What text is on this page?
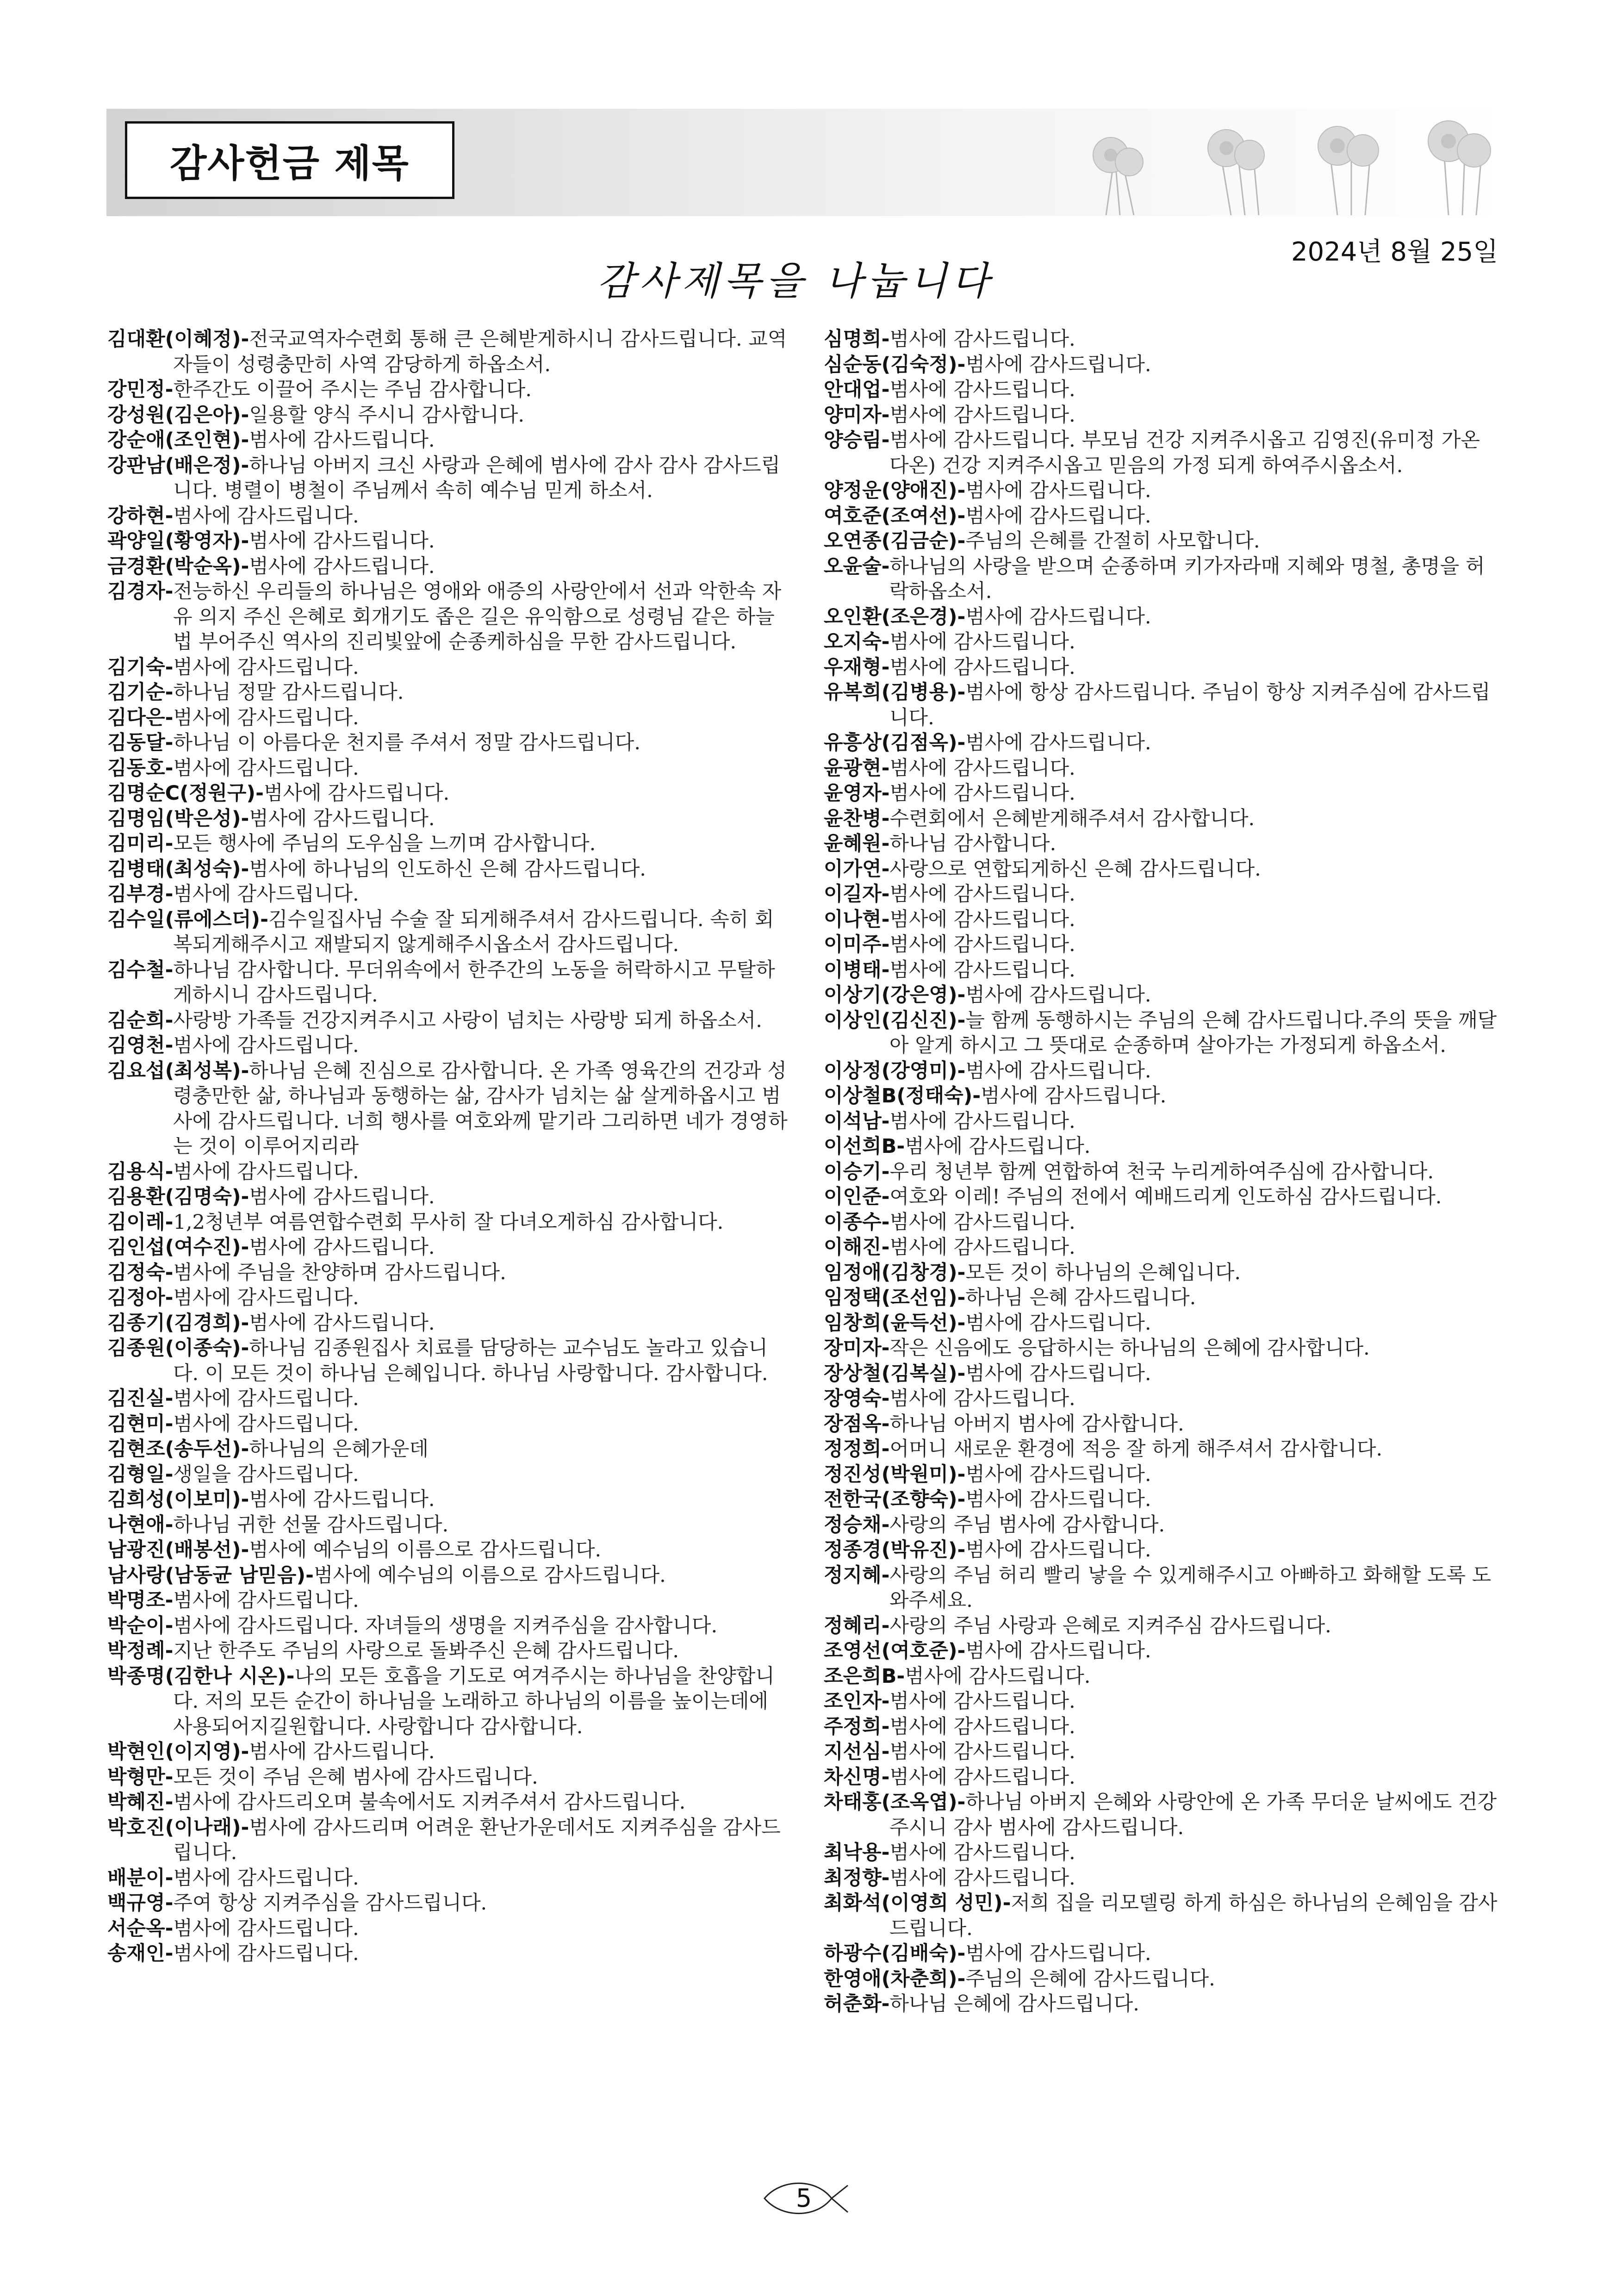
감사헌금 제목
2024년 8월 25일
감사제목을 나눕니다
김대환(이혜정)-전국교역자수련회 통해 큰 은혜받게하시니 감사드립니다. 교역자들이 성령충만히 사역 감당하게 하옵소서.
강민정-한주간도 이끌어 주시는 주님 감사합니다.
강성원(김은아)-일용할 양식 주시니 감사합니다.
강순애(조인현)-범사에 감사드립니다.
강판남(배은정)-하나님 아버지 크신 사랑과 은혜에 범사에 감사 감사 감사드립니다. 병렬이 병철이 주님께서 속히 예수님 믿게 하소서.
강하현-범사에 감사드립니다.
곽양일(황영자)-범사에 감사드립니다.
금경환(박순옥)-범사에 감사드립니다.
김경자-전능하신 우리들의 하나님은 영애와 애증의 사랑안에서 선과 악한속 자유 의지 주신 은혜로 회개기도 좁은 길은 유익함으로 성령님 같은 하늘법 부어주신 역사의 진리빛앞에 순종케하심을 무한 감사드립니다.
김기숙-범사에 감사드립니다.
김기순-하나님 정말 감사드립니다.
김다은-범사에 감사드립니다.
김동달-하나님 이 아름다운 천지를 주셔서 정말 감사드립니다.
김동호-범사에 감사드립니다.
김명순C(정원구)-범사에 감사드립니다.
김명임(박은성)-범사에 감사드립니다.
김미리-모든 행사에 주님의 도우심을 느끼며 감사합니다.
김병태(최성숙)-범사에 하나님의 인도하신 은혜 감사드립니다.
김부경-범사에 감사드립니다.
김수일(류에스더)-김수일집사님 수술 잘 되게해주셔서 감사드립니다. 속히 회복되게해주시고 재발되지 않게해주시옵소서 감사드립니다.
김수철-하나님 감사합니다. 무더위속에서 한주간의 노동을 허락하시고 무탈하게하시니 감사드립니다.
김순희-사랑방 가족들 건강지켜주시고 사랑이 넘치는 사랑방 되게 하옵소서.
김영천-범사에 감사드립니다.
김요섭(최성복)-하나님 은혜 진심으로 감사합니다. 온 가족 영육간의 건강과 성령충만한 삶, 하나님과 동행하는 삶, 감사가 넘치는 삶 살게하옵시고 범사에 감사드립니다. 너희 행사를 여호와께 맡기라 그리하면 네가 경영하는 것이 이루어지리라
김용식-범사에 감사드립니다.
김용환(김명숙)-범사에 감사드립니다.
김이레-1,2청년부 여름연합수련회 무사히 잘 다녀오게하심 감사합니다.
김인섭(여수진)-범사에 감사드립니다.
김정숙-범사에 주님을 찬양하며 감사드립니다.
김정아-범사에 감사드립니다.
김종기(김경희)-범사에 감사드립니다.
김종원(이종숙)-하나님 김종원집사 치료를 담당하는 교수님도 놀라고 있습니다. 이 모든 것이 하나님 은혜입니다. 하나님 사랑합니다. 감사합니다.
김진실-범사에 감사드립니다.
김현미-범사에 감사드립니다.
김현조(송두선)-하나님의 은혜가운데
김형일-생일을 감사드립니다.
김희성(이보미)-범사에 감사드립니다.
나현애-하나님 귀한 선물 감사드립니다.
남광진(배봉선)-범사에 예수님의 이름으로 감사드립니다.
남사랑(남동균 남믿음)-범사에 예수님의 이름으로 감사드립니다.
박명조-범사에 감사드립니다.
박순이-범사에 감사드립니다. 자녀들의 생명을 지켜주심을 감사합니다.
박정례-지난 한주도 주님의 사랑으로 돌봐주신 은혜 감사드립니다.
박종명(김한나 시온)-나의 모든 호흡을 기도로 여겨주시는 하나님을 찬양합니다. 저의 모든 순간이 하나님을 노래하고 하나님의 이름을 높이는데에 사용되어지길원합니다. 사랑합니다 감사합니다.
박현인(이지영)-범사에 감사드립니다.
박형만-모든 것이 주님 은혜 범사에 감사드립니다.
박혜진-범사에 감사드리오며 불속에서도 지켜주셔서 감사드립니다.
박호진(이나래)-범사에 감사드리며 어려운 환난가운데서도 지켜주심을 감사드립니다.
배분이-범사에 감사드립니다.
백규영-주여 항상 지켜주심을 감사드립니다.
서순옥-범사에 감사드립니다.
송재인-범사에 감사드립니다.
심명희-범사에 감사드립니다.
심순동(김숙정)-범사에 감사드립니다.
안대업-범사에 감사드립니다.
양미자-범사에 감사드립니다.
양승림-범사에 감사드립니다. 부모님 건강 지켜주시옵고 김영진(유미정 가온 다온) 건강 지켜주시옵고 믿음의 가정 되게 하여주시옵소서.
양정운(양애진)-범사에 감사드립니다.
여호준(조여선)-범사에 감사드립니다.
오연종(김금순)-주님의 은혜를 간절히 사모합니다.
오윤술-하나님의 사랑을 받으며 순종하며 키가자라매 지혜와 명철, 총명을 허락하옵소서.
오인환(조은경)-범사에 감사드립니다.
오지숙-범사에 감사드립니다.
우재형-범사에 감사드립니다.
유복희(김병용)-범사에 항상 감사드립니다. 주님이 항상 지켜주심에 감사드립니다.
유흥상(김점옥)-범사에 감사드립니다.
윤광현-범사에 감사드립니다.
윤영자-범사에 감사드립니다.
윤찬병-수련회에서 은혜받게해주셔서 감사합니다.
윤혜원-하나님 감사합니다.
이가연-사랑으로 연합되게하신 은혜 감사드립니다.
이길자-범사에 감사드립니다.
이나현-범사에 감사드립니다.
이미주-범사에 감사드립니다.
이병태-범사에 감사드립니다.
이상기(강은영)-범사에 감사드립니다.
이상인(김신진)-늘 함께 동행하시는 주님의 은혜 감사드립니다.주의 뜻을 깨달아 알게 하시고 그 뜻대로 순종하며 살아가는 가정되게 하옵소서.
이상정(강영미)-범사에 감사드립니다.
이상철B(정태숙)-범사에 감사드립니다.
이석남-범사에 감사드립니다.
이선희B-범사에 감사드립니다.
이승기-우리 청년부 함께 연합하여 천국 누리게하여주심에 감사합니다.
이인준-여호와 이레! 주님의 전에서 예배드리게 인도하심 감사드립니다.
이종수-범사에 감사드립니다.
이해진-범사에 감사드립니다.
임정애(김창경)-모든 것이 하나님의 은혜입니다.
임정택(조선임)-하나님 은혜 감사드립니다.
임창희(윤득선)-범사에 감사드립니다.
장미자-작은 신음에도 응답하시는 하나님의 은혜에 감사합니다.
장상철(김복실)-범사에 감사드립니다.
장영숙-범사에 감사드립니다.
장점옥-하나님 아버지 범사에 감사합니다.
정정희-어머니 새로운 환경에 적응 잘 하게 해주셔서 감사합니다.
정진성(박원미)-범사에 감사드립니다.
전한국(조향숙)-범사에 감사드립니다.
정승채-사랑의 주님 범사에 감사합니다.
정종경(박유진)-범사에 감사드립니다.
정지혜-사랑의 주님 허리 빨리 낳을 수 있게해주시고 아빠하고 화해할 도록 도와주세요.
정혜리-사랑의 주님 사랑과 은혜로 지켜주심 감사드립니다.
조영선(여호준)-범사에 감사드립니다.
조은희B-범사에 감사드립니다.
조인자-범사에 감사드립니다.
주정희-범사에 감사드립니다.
지선심-범사에 감사드립니다.
차신명-범사에 감사드립니다.
차태홍(조옥엽)-하나님 아버지 은혜와 사랑안에 온 가족 무더운 날씨에도 건강주시니 감사 범사에 감사드립니다.
최낙용-범사에 감사드립니다.
최정향-범사에 감사드립니다.
최화석(이영희 성민)-저희 집을 리모델링 하게 하심은 하나님의 은혜임을 감사드립니다.
하광수(김배숙)-범사에 감사드립니다.
한영애(차춘희)-주님의 은혜에 감사드립니다.
허춘화-하나님 은혜에 감사드립니다.
5
